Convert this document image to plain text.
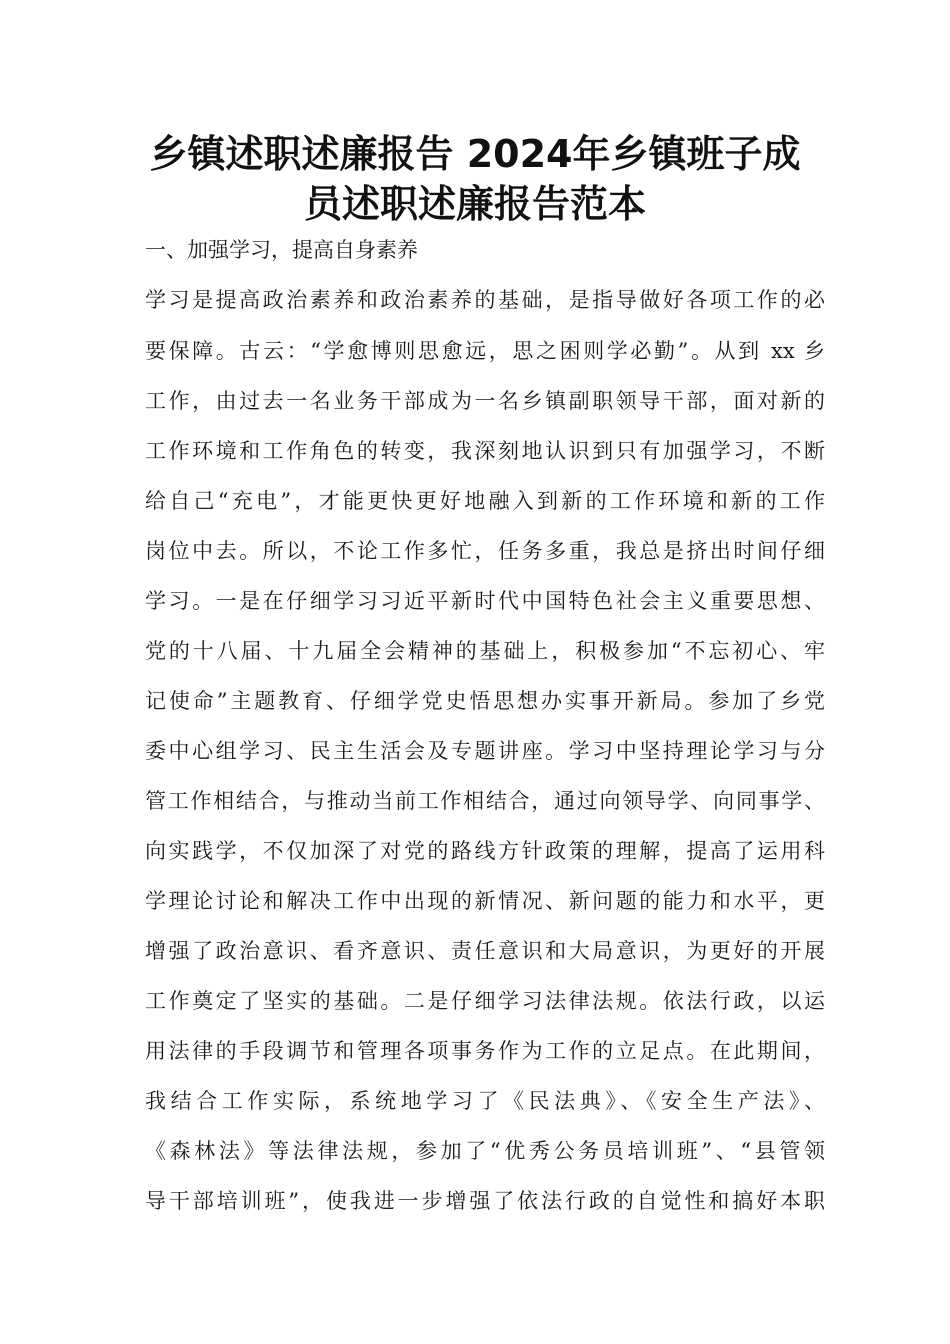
乡镇述职述廉报告 2024年乡镇班子成
员述职述廉报告范本
一、加强学习，提高自身素养
学习是提高政治素养和政治素养的基础，是指导做好各项工作的必
要保障。古云：“学愈博则思愈远，思之困则学必勤”。从到 xx 乡
工作，由过去一名业务干部成为一名乡镇副职领导干部，面对新的
工作环境和工作角色的转变，我深刻地认识到只有加强学习，不断
给自己“充电”，才能更快更好地融入到新的工作环境和新的工作
岗位中去。所以，不论工作多忙，任务多重，我总是挤出时间仔细
学习。一是在仔细学习习近平新时代中国特色社会主义重要思想、
党的十八届、十九届全会精神的基础上，积极参加“不忘初心、牢
记使命”主题教育、仔细学党史悟思想办实事开新局。参加了乡党
委中心组学习、民主生活会及专题讲座。学习中坚持理论学习与分
管工作相结合，与推动当前工作相结合，通过向领导学、向同事学、
向实践学，不仅加深了对党的路线方针政策的理解，提高了运用科
学理论讨论和解决工作中出现的新情况、新问题的能力和水平，更
增强了政治意识、看齐意识、责任意识和大局意识，为更好的开展
工作奠定了坚实的基础。二是仔细学习法律法规。依法行政，以运
用法律的手段调节和管理各项事务作为工作的立足点。在此期间，
我结合工作实际，系统地学习了《民法典》、《安全生产法》、
《森林法》等法律法规，参加了“优秀公务员培训班”、“县管领
导干部培训班”，使我进一步增强了依法行政的自觉性和搞好本职
